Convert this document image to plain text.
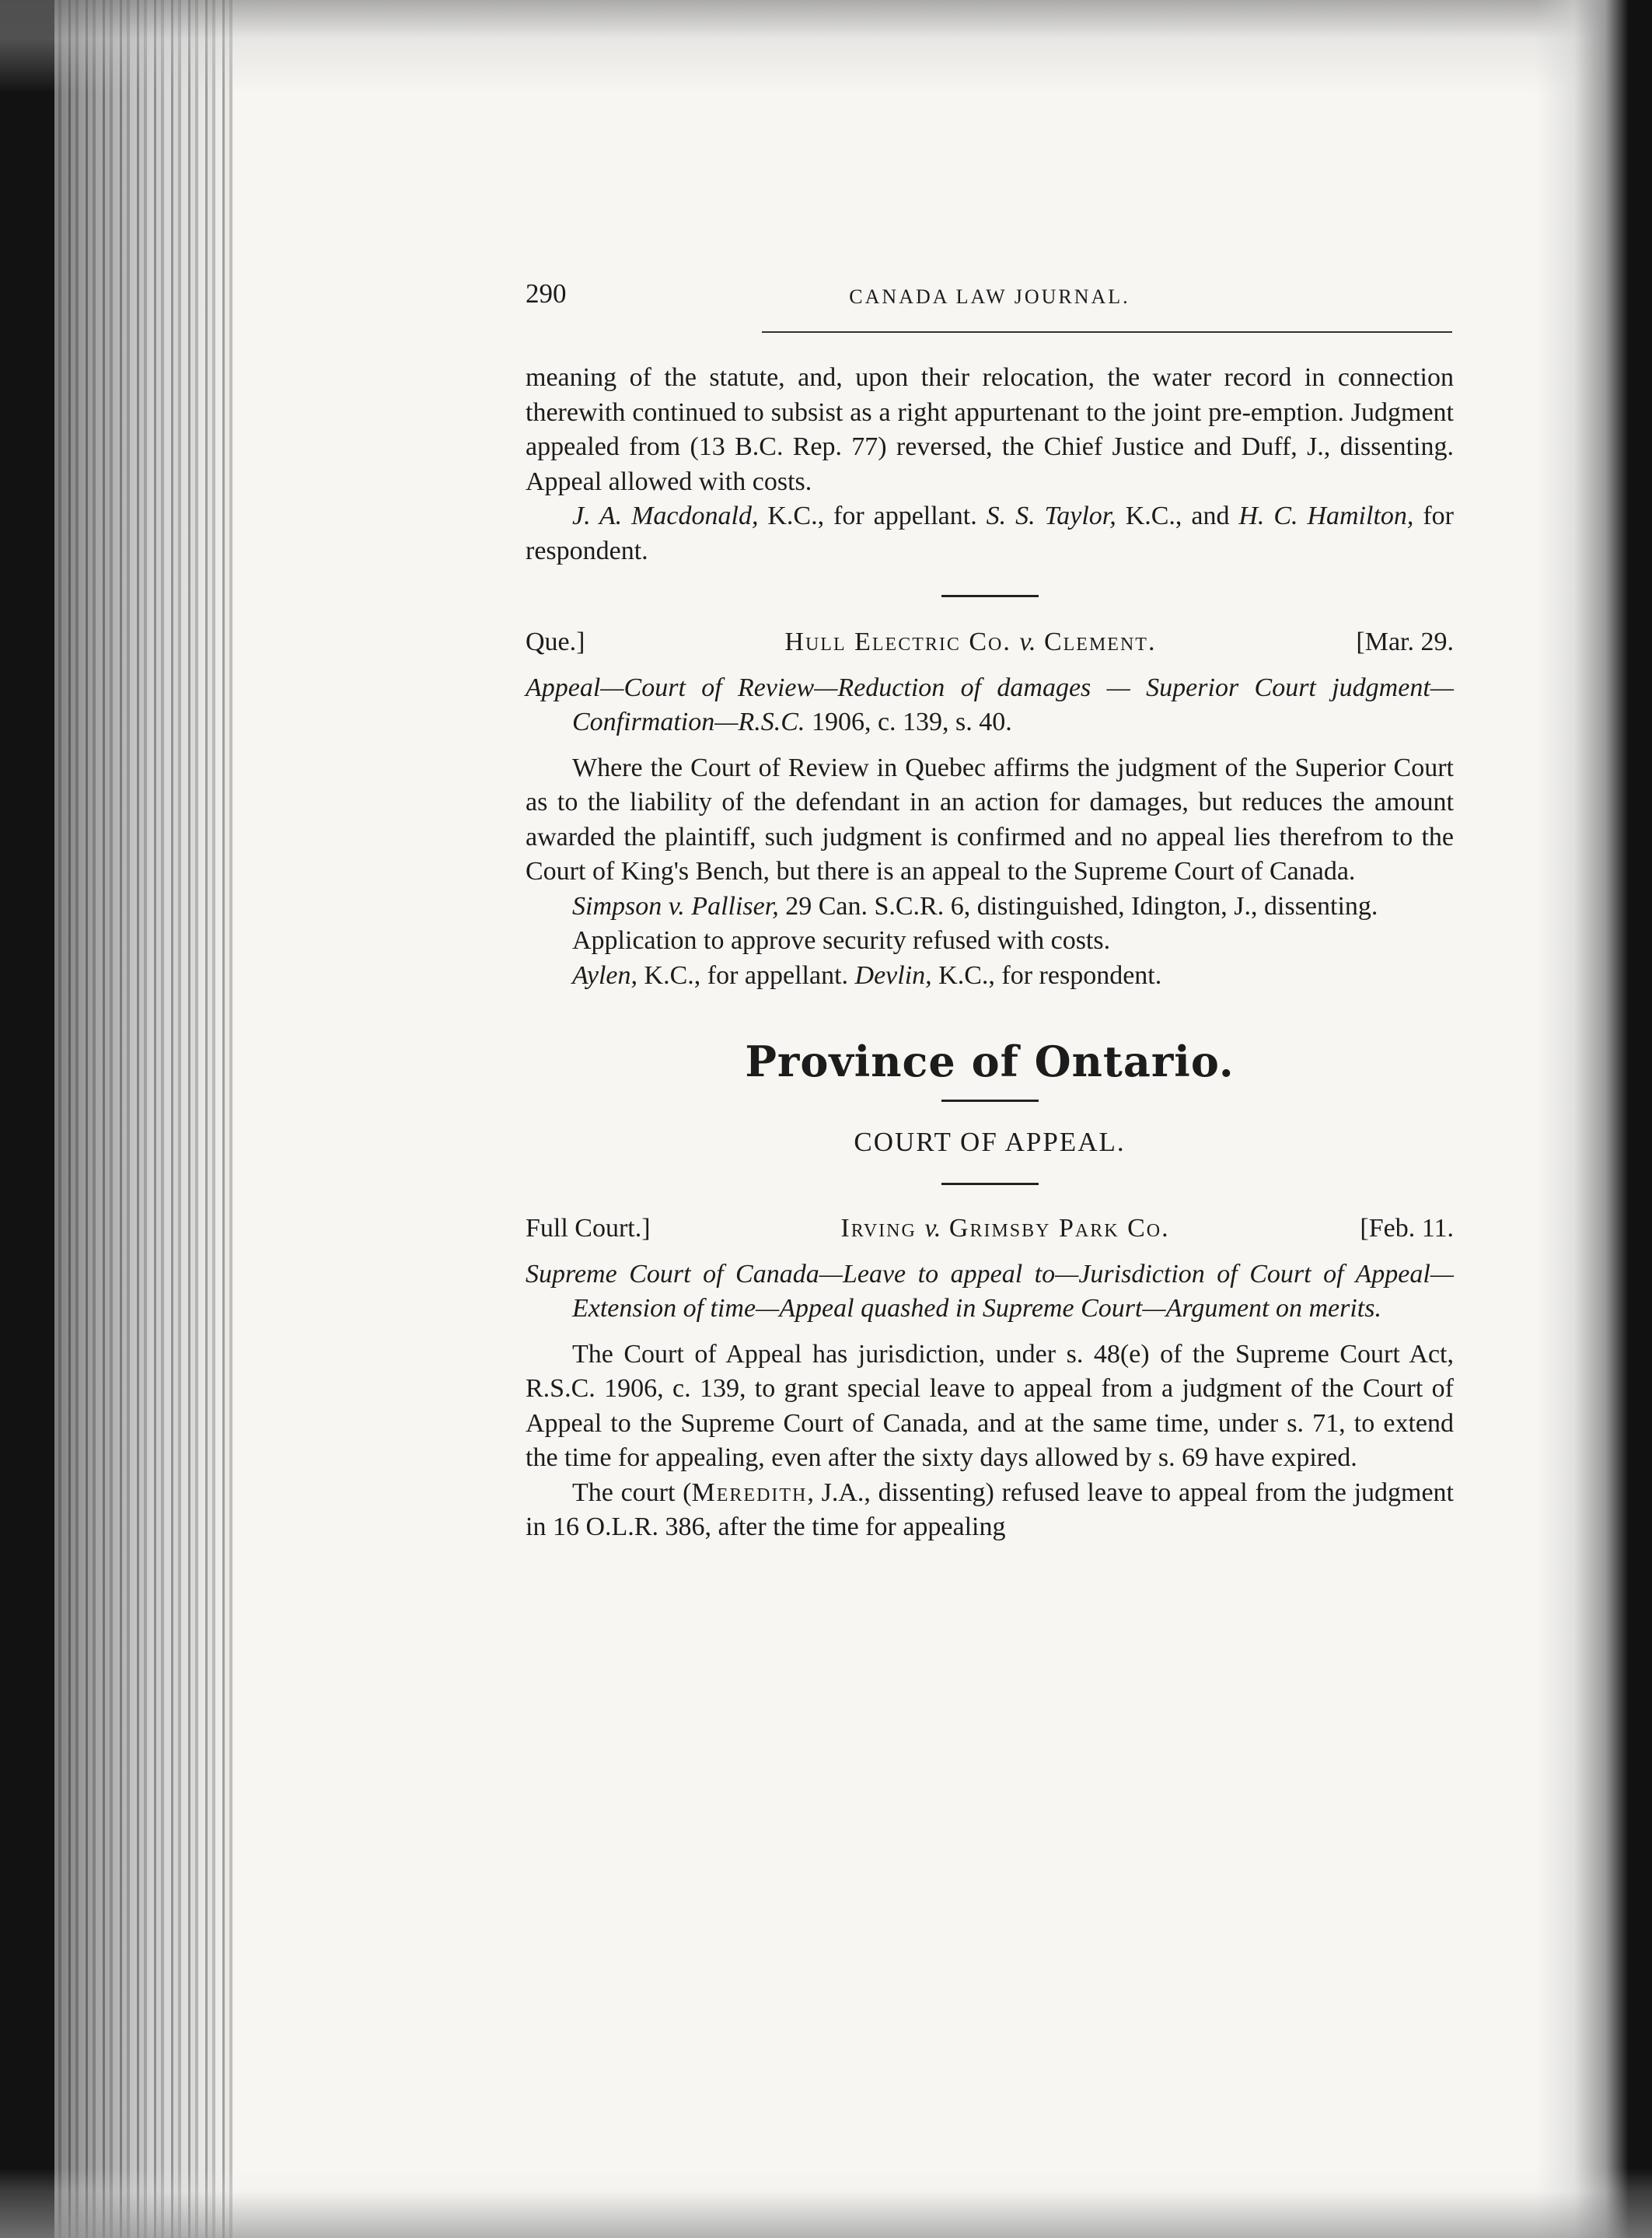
290	CANADA LAW JOURNAL.

meaning of the statute, and, upon their relocation, the water record in connection therewith continued to subsist as a right appurtenant to the joint pre-emption. Judgment appealed from (13 B.C. Rep. 77) reversed, the Chief Justice and Duff, J., dissenting. Appeal allowed with costs.

J. A. Macdonald, K.C., for appellant. S. S. Taylor, K.C., and H. C. Hamilton, for respondent.

Que.]	Hull Electric Co. v. Clement.	[Mar. 29.

Appeal—Court of Review—Reduction of damages — Superior Court judgment—Confirmation—R.S.C. 1906, c. 139, s. 40.

Where the Court of Review in Quebec affirms the judgment of the Superior Court as to the liability of the defendant in an action for damages, but reduces the amount awarded the plaintiff, such judgment is confirmed and no appeal lies therefrom to the Court of King's Bench, but there is an appeal to the Supreme Court of Canada.

Simpson v. Palliser, 29 Can. S.C.R. 6, distinguished, Idington, J., dissenting.

Application to approve security refused with costs.

Aylen, K.C., for appellant. Devlin, K.C., for respondent.

Province of Ontario.
COURT OF APPEAL.
Full Court.]	Irving v. Grimsby Park Co.	[Feb. 11.

Supreme Court of Canada—Leave to appeal to—Jurisdiction of Court of Appeal—Extension of time—Appeal quashed in Supreme Court—Argument on merits.

The Court of Appeal has jurisdiction, under s. 48(e) of the Supreme Court Act, R.S.C. 1906, c. 139, to grant special leave to appeal from a judgment of the Court of Appeal to the Supreme Court of Canada, and at the same time, under s. 71, to extend the time for appealing, even after the sixty days allowed by s. 69 have expired.

The court (Meredith, J.A., dissenting) refused leave to appeal from the judgment in 16 O.L.R. 386, after the time for appealing
